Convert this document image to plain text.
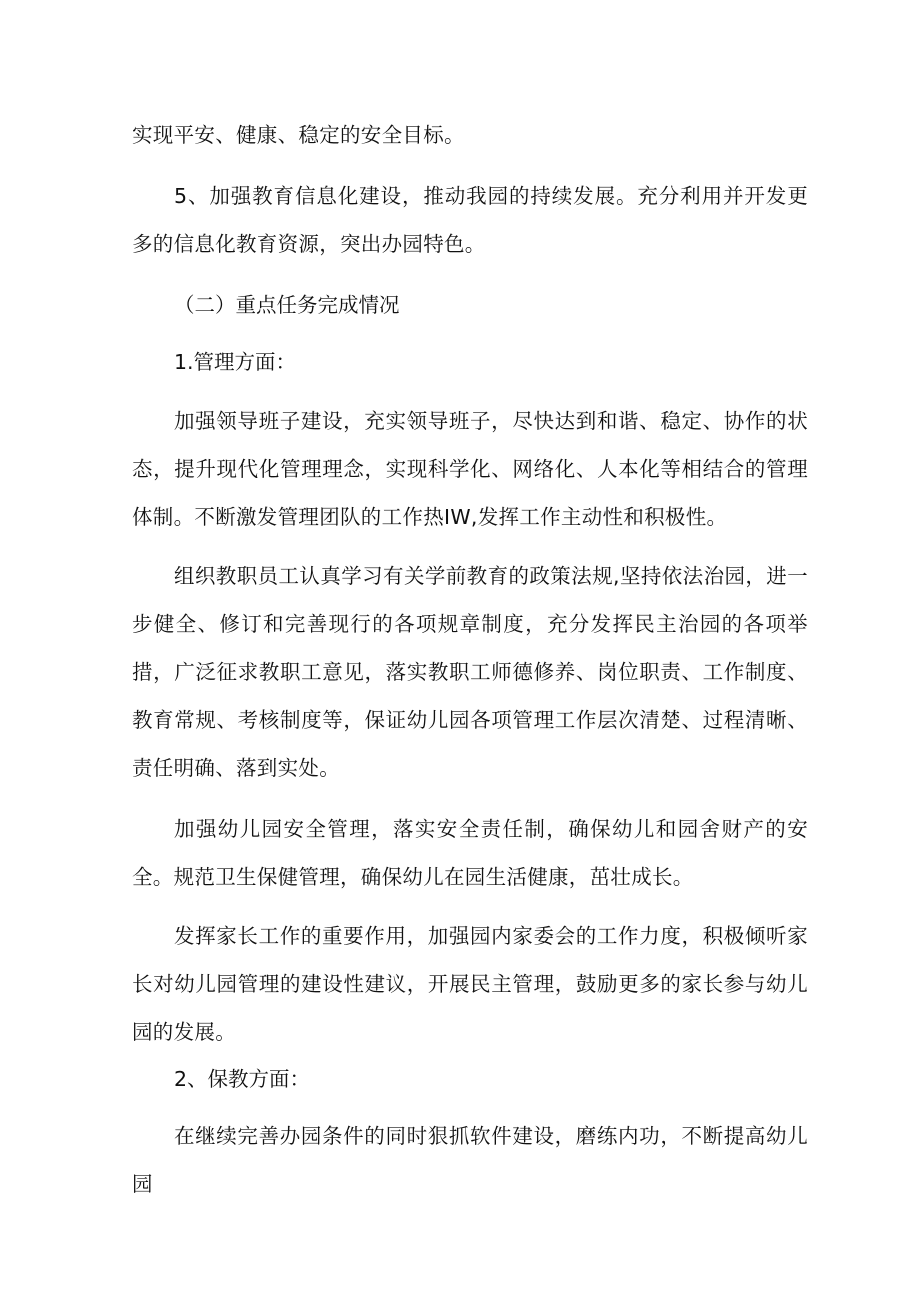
实现平安、健康、稳定的安全目标。

5、加强教育信息化建设，推动我园的持续发展。充分利用并开发更多的信息化教育资源，突出办园特色。

（二）重点任务完成情况

1.管理方面：

加强领导班子建设，充实领导班子，尽快达到和谐、稳定、协作的状态，提升现代化管理理念，实现科学化、网络化、人本化等相结合的管理体制。不断激发管理团队的工作热IW,发挥工作主动性和积极性。

组织教职员工认真学习有关学前教育的政策法规,坚持依法治园，进一步健全、修订和完善现行的各项规章制度，充分发挥民主治园的各项举措，广泛征求教职工意见，落实教职工师德修养、岗位职责、工作制度、教育常规、考核制度等，保证幼儿园各项管理工作层次清楚、过程清晰、责任明确、落到实处。

加强幼儿园安全管理，落实安全责任制，确保幼儿和园舍财产的安全。规范卫生保健管理，确保幼儿在园生活健康，茁壮成长。

发挥家长工作的重要作用，加强园内家委会的工作力度，积极倾听家长对幼儿园管理的建设性建议，开展民主管理，鼓励更多的家长参与幼儿园的发展。

2、保教方面：

在继续完善办园条件的同时狠抓软件建设，磨练内功，不断提高幼儿园
